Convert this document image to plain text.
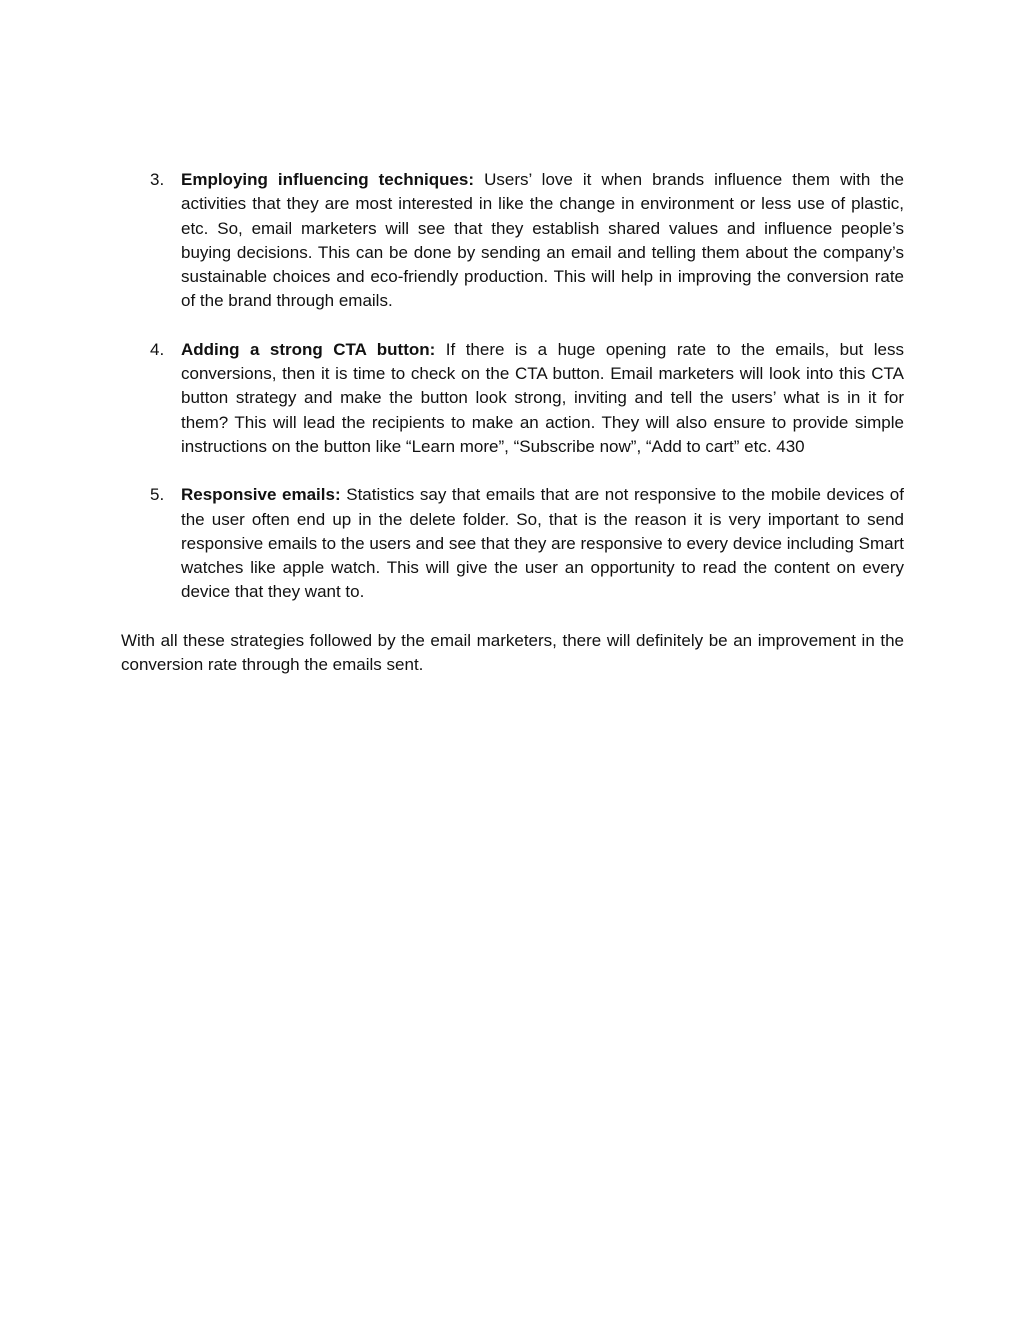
3. Employing influencing techniques: Users’ love it when brands influence them with the activities that they are most interested in like the change in environment or less use of plastic, etc. So, email marketers will see that they establish shared values and influence people’s buying decisions. This can be done by sending an email and telling them about the company’s sustainable choices and eco-friendly production. This will help in improving the conversion rate of the brand through emails.

4. Adding a strong CTA button: If there is a huge opening rate to the emails, but less conversions, then it is time to check on the CTA button. Email marketers will look into this CTA button strategy and make the button look strong, inviting and tell the users’ what is in it for them? This will lead the recipients to make an action. They will also ensure to provide simple instructions on the button like “Learn more”, “Subscribe now”, “Add to cart” etc. 430

5. Responsive emails: Statistics say that emails that are not responsive to the mobile devices of the user often end up in the delete folder. So, that is the reason it is very important to send responsive emails to the users and see that they are responsive to every device including Smart watches like apple watch. This will give the user an opportunity to read the content on every device that they want to.

With all these strategies followed by the email marketers, there will definitely be an improvement in the conversion rate through the emails sent.
